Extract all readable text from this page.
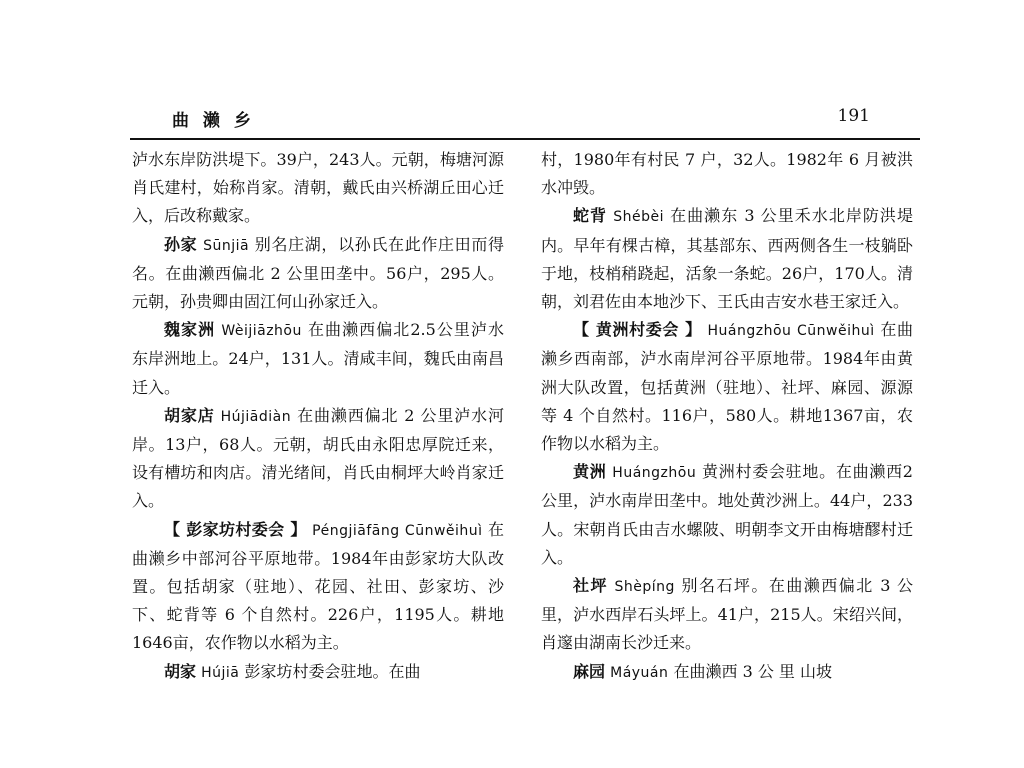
曲 濑 乡	191

泸水东岸防洪堤下。39户，243人。元朝，梅塘河源肖氏建村，始称肖家。清朝，戴氏由兴桥湖丘田心迁入，后改称戴家。

孙家 Sūnjiā 别名庄湖，以孙氏在此作庄田而得名。在曲濑西偏北 2 公里田垄中。56户，295人。元朝，孙贵卿由固江何山孙家迁入。

魏家洲 Wèijiāzhōu 在曲濑西偏北2.5公里泸水东岸洲地上。24户，131人。清咸丰间，魏氏由南昌迁入。

胡家店 Hújiādiàn 在曲濑西偏北 2 公里泸水河岸。13户，68人。元朝，胡氏由永阳忠厚院迁来，设有槽坊和肉店。清光绪间，肖氏由桐坪大岭肖家迁入。

【 彭家坊村委会 】 Péngjiāfāng Cūnwěihuì 在曲濑乡中部河谷平原地带。1984年由彭家坊大队改置。包括胡家（驻地）、花园、社田、彭家坊、沙下、蛇背等 6 个自然村。226户，1195人。耕地1646亩，农作物以水稻为主。

胡家 Hújiā 彭家坊村委会驻地。在曲

村，1980年有村民 7 户，32人。1982年 6 月被洪水冲毁。

蛇背 Shébèi 在曲濑东 3 公里禾水北岸防洪堤内。早年有棵古樟，其基部东、西两侧各生一枝躺卧于地，枝梢稍跷起，活象一条蛇。26户，170人。清朝，刘君佐由本地沙下、王氏由吉安水巷王家迁入。

【 黄洲村委会 】 Huángzhōu Cūnwěihuì 在曲濑乡西南部，泸水南岸河谷平原地带。1984年由黄洲大队改置，包括黄洲（驻地）、社坪、麻园、源源等 4 个自然村。116户，580人。耕地1367亩，农作物以水稻为主。

黄洲 Huángzhōu 黄洲村委会驻地。在曲濑西2公里，泸水南岸田垄中。地处黄沙洲上。44户，233人。宋朝肖氏由吉水螺陂、明朝李文开由梅塘醪村迁入。

社坪 Shèpíng 别名石坪。在曲濑西偏北 3 公里，泸水西岸石头坪上。41户，215人。宋绍兴间，肖邃由湖南长沙迁来。

麻园 Máyuán 在曲濑西 3 公 里 山坡
